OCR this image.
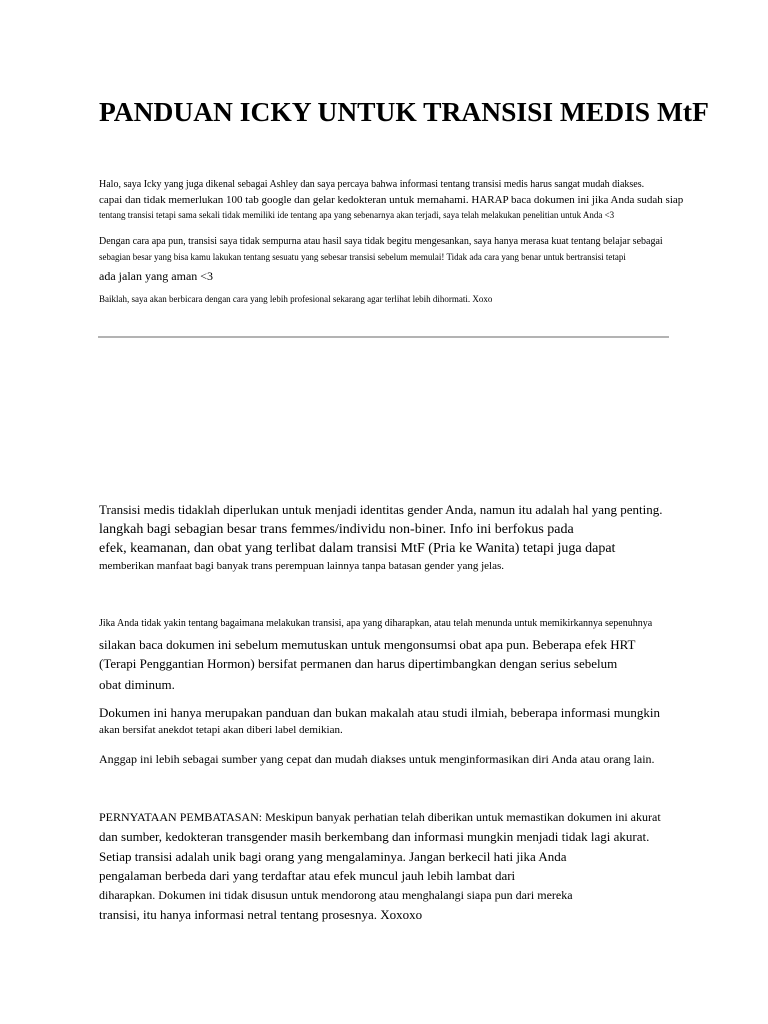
PANDUAN ICKY UNTUK TRANSISI MEDIS MtF
Halo, saya Icky yang juga dikenal sebagai Ashley dan saya percaya bahwa informasi tentang transisi medis harus sangat mudah diakses.
capai dan tidak memerlukan 100 tab google dan gelar kedokteran untuk memahami. HARAP baca dokumen ini jika Anda sudah siap
tentang transisi tetapi sama sekali tidak memiliki ide tentang apa yang sebenarnya akan terjadi, saya telah melakukan penelitian untuk Anda <3
Dengan cara apa pun, transisi saya tidak sempurna atau hasil saya tidak begitu mengesankan, saya hanya merasa kuat tentang belajar sebagai
sebagian besar yang bisa kamu lakukan tentang sesuatu yang sebesar transisi sebelum memulai! Tidak ada cara yang benar untuk bertransisi tetapi
ada jalan yang aman <3
Baiklah, saya akan berbicara dengan cara yang lebih profesional sekarang agar terlihat lebih dihormati. Xoxo
Transisi medis tidaklah diperlukan untuk menjadi identitas gender Anda, namun itu adalah hal yang penting.
langkah bagi sebagian besar trans femmes/individu non-biner. Info ini berfokus pada
efek, keamanan, dan obat yang terlibat dalam transisi MtF (Pria ke Wanita) tetapi juga dapat
memberikan manfaat bagi banyak trans perempuan lainnya tanpa batasan gender yang jelas.
Jika Anda tidak yakin tentang bagaimana melakukan transisi, apa yang diharapkan, atau telah menunda untuk memikirkannya sepenuhnya
silakan baca dokumen ini sebelum memutuskan untuk mengonsumsi obat apa pun. Beberapa efek HRT
(Terapi Penggantian Hormon) bersifat permanen dan harus dipertimbangkan dengan serius sebelum
obat diminum.
Dokumen ini hanya merupakan panduan dan bukan makalah atau studi ilmiah, beberapa informasi mungkin
akan bersifat anekdot tetapi akan diberi label demikian.
Anggap ini lebih sebagai sumber yang cepat dan mudah diakses untuk menginformasikan diri Anda atau orang lain.
PERNYATAAN PEMBATASAN: Meskipun banyak perhatian telah diberikan untuk memastikan dokumen ini akurat
dan sumber, kedokteran transgender masih berkembang dan informasi mungkin menjadi tidak lagi akurat.
Setiap transisi adalah unik bagi orang yang mengalaminya. Jangan berkecil hati jika Anda
pengalaman berbeda dari yang terdaftar atau efek muncul jauh lebih lambat dari
diharapkan. Dokumen ini tidak disusun untuk mendorong atau menghalangi siapa pun dari mereka
transisi, itu hanya informasi netral tentang prosesnya. Xoxoxo
